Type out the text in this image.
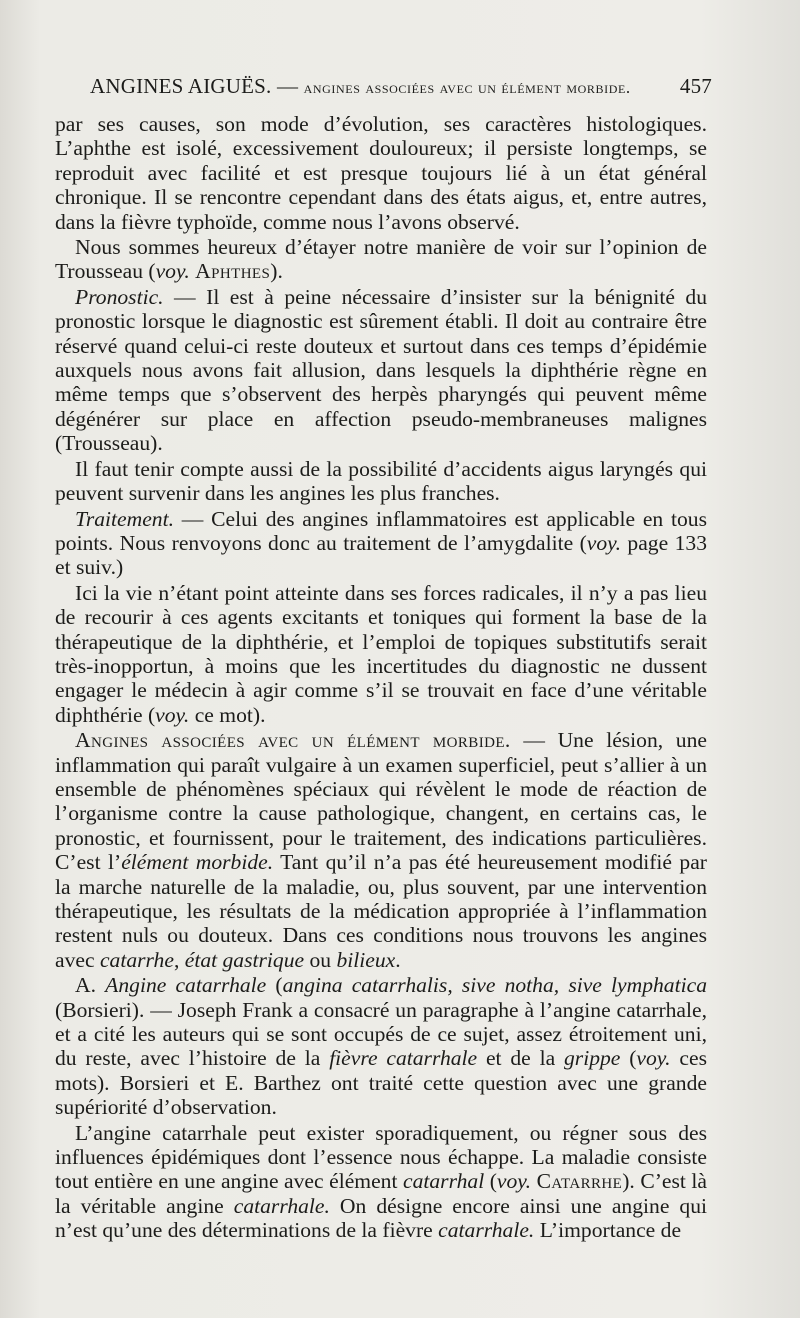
ANGINES AIGUËS. — angines associées avec un élément morbide. 457

par ses causes, son mode d’évolution, ses caractères histologiques. L’aphthe est isolé, excessivement douloureux; il persiste longtemps, se reproduit avec facilité et est presque toujours lié à un état général chronique. Il se rencontre cependant dans des états aigus, et, entre autres, dans la fièvre typhoïde, comme nous l’avons observé.

Nous sommes heureux d’étayer notre manière de voir sur l’opinion de Trousseau (voy. Aphthes).

Pronostic. — Il est à peine nécessaire d’insister sur la bénignité du pronostic lorsque le diagnostic est sûrement établi. Il doit au contraire être réservé quand celui-ci reste douteux et surtout dans ces temps d’épidémie auxquels nous avons fait allusion, dans lesquels la diphthérie règne en même temps que s’observent des herpès pharyngés qui peuvent même dégénérer sur place en affection pseudo-membraneuses malignes (Trousseau).

Il faut tenir compte aussi de la possibilité d’accidents aigus laryngés qui peuvent survenir dans les angines les plus franches.

Traitement. — Celui des angines inflammatoires est applicable en tous points. Nous renvoyons donc au traitement de l’amygdalite (voy. page 133 et suiv.)

Ici la vie n’étant point atteinte dans ses forces radicales, il n’y a pas lieu de recourir à ces agents excitants et toniques qui forment la base de la thérapeutique de la diphthérie, et l’emploi de topiques substitutifs serait très-inopportun, à moins que les incertitudes du diagnostic ne dussent engager le médecin à agir comme s’il se trouvait en face d’une véritable diphthérie (voy. ce mot).

Angines associées avec un élément morbide. — Une lésion, une inflammation qui paraît vulgaire à un examen superficiel, peut s’allier à un ensemble de phénomènes spéciaux qui révèlent le mode de réaction de l’organisme contre la cause pathologique, changent, en certains cas, le pronostic, et fournissent, pour le traitement, des indications particulières. C’est l’élément morbide. Tant qu’il n’a pas été heureusement modifié par la marche naturelle de la maladie, ou, plus souvent, par une intervention thérapeutique, les résultats de la médication appropriée à l’inflammation restent nuls ou douteux. Dans ces conditions nous trouvons les angines avec catarrhe, état gastrique ou bilieux.

A. Angine catarrhale (angina catarrhalis, sive notha, sive lymphatica (Borsieri). — Joseph Frank a consacré un paragraphe à l’angine catarrhale, et a cité les auteurs qui se sont occupés de ce sujet, assez étroitement uni, du reste, avec l’histoire de la fièvre catarrhale et de la grippe (voy. ces mots). Borsieri et E. Barthez ont traité cette question avec une grande supériorité d’observation.

L’angine catarrhale peut exister sporadiquement, ou régner sous des influences épidémiques dont l’essence nous échappe. La maladie consiste tout entière en une angine avec élément catarrhal (voy. Catarrhe). C’est là la véritable angine catarrhale. On désigne encore ainsi une angine qui n’est qu’une des déterminations de la fièvre catarrhale. L’importance de
